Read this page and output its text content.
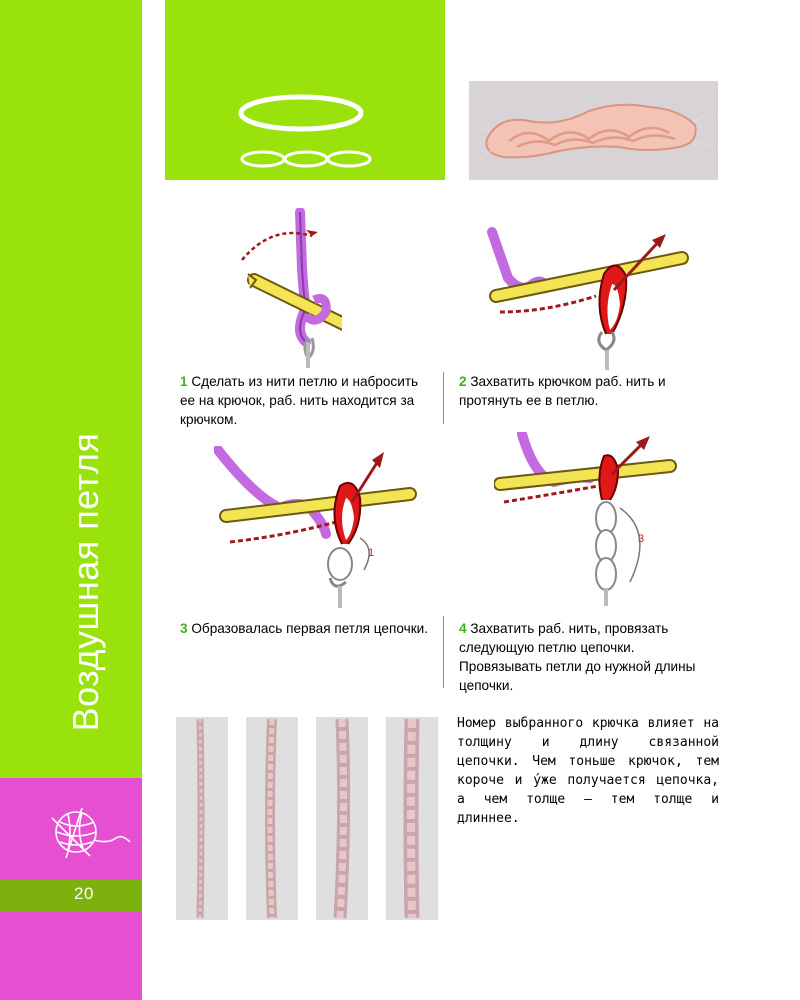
Воздушная петля
20
1
3
1 Сделать из нити петлю и набросить ее на крючок, раб. нить находится за крючком.
2 Захватить крючком раб. нить и протянуть ее в петлю.
3 Образовалась первая петля цепочки.	4 Захватить раб. нить, провязать следующую петлю цепочки. Провязывать петли до нужной длины цепочки.
Номер выбранного крючка влияет на толщину и длину связанной цепочки. Чем тоньше крючок, тем короче и у́же получается цепочка, а чем толще — тем толще и длиннее.
